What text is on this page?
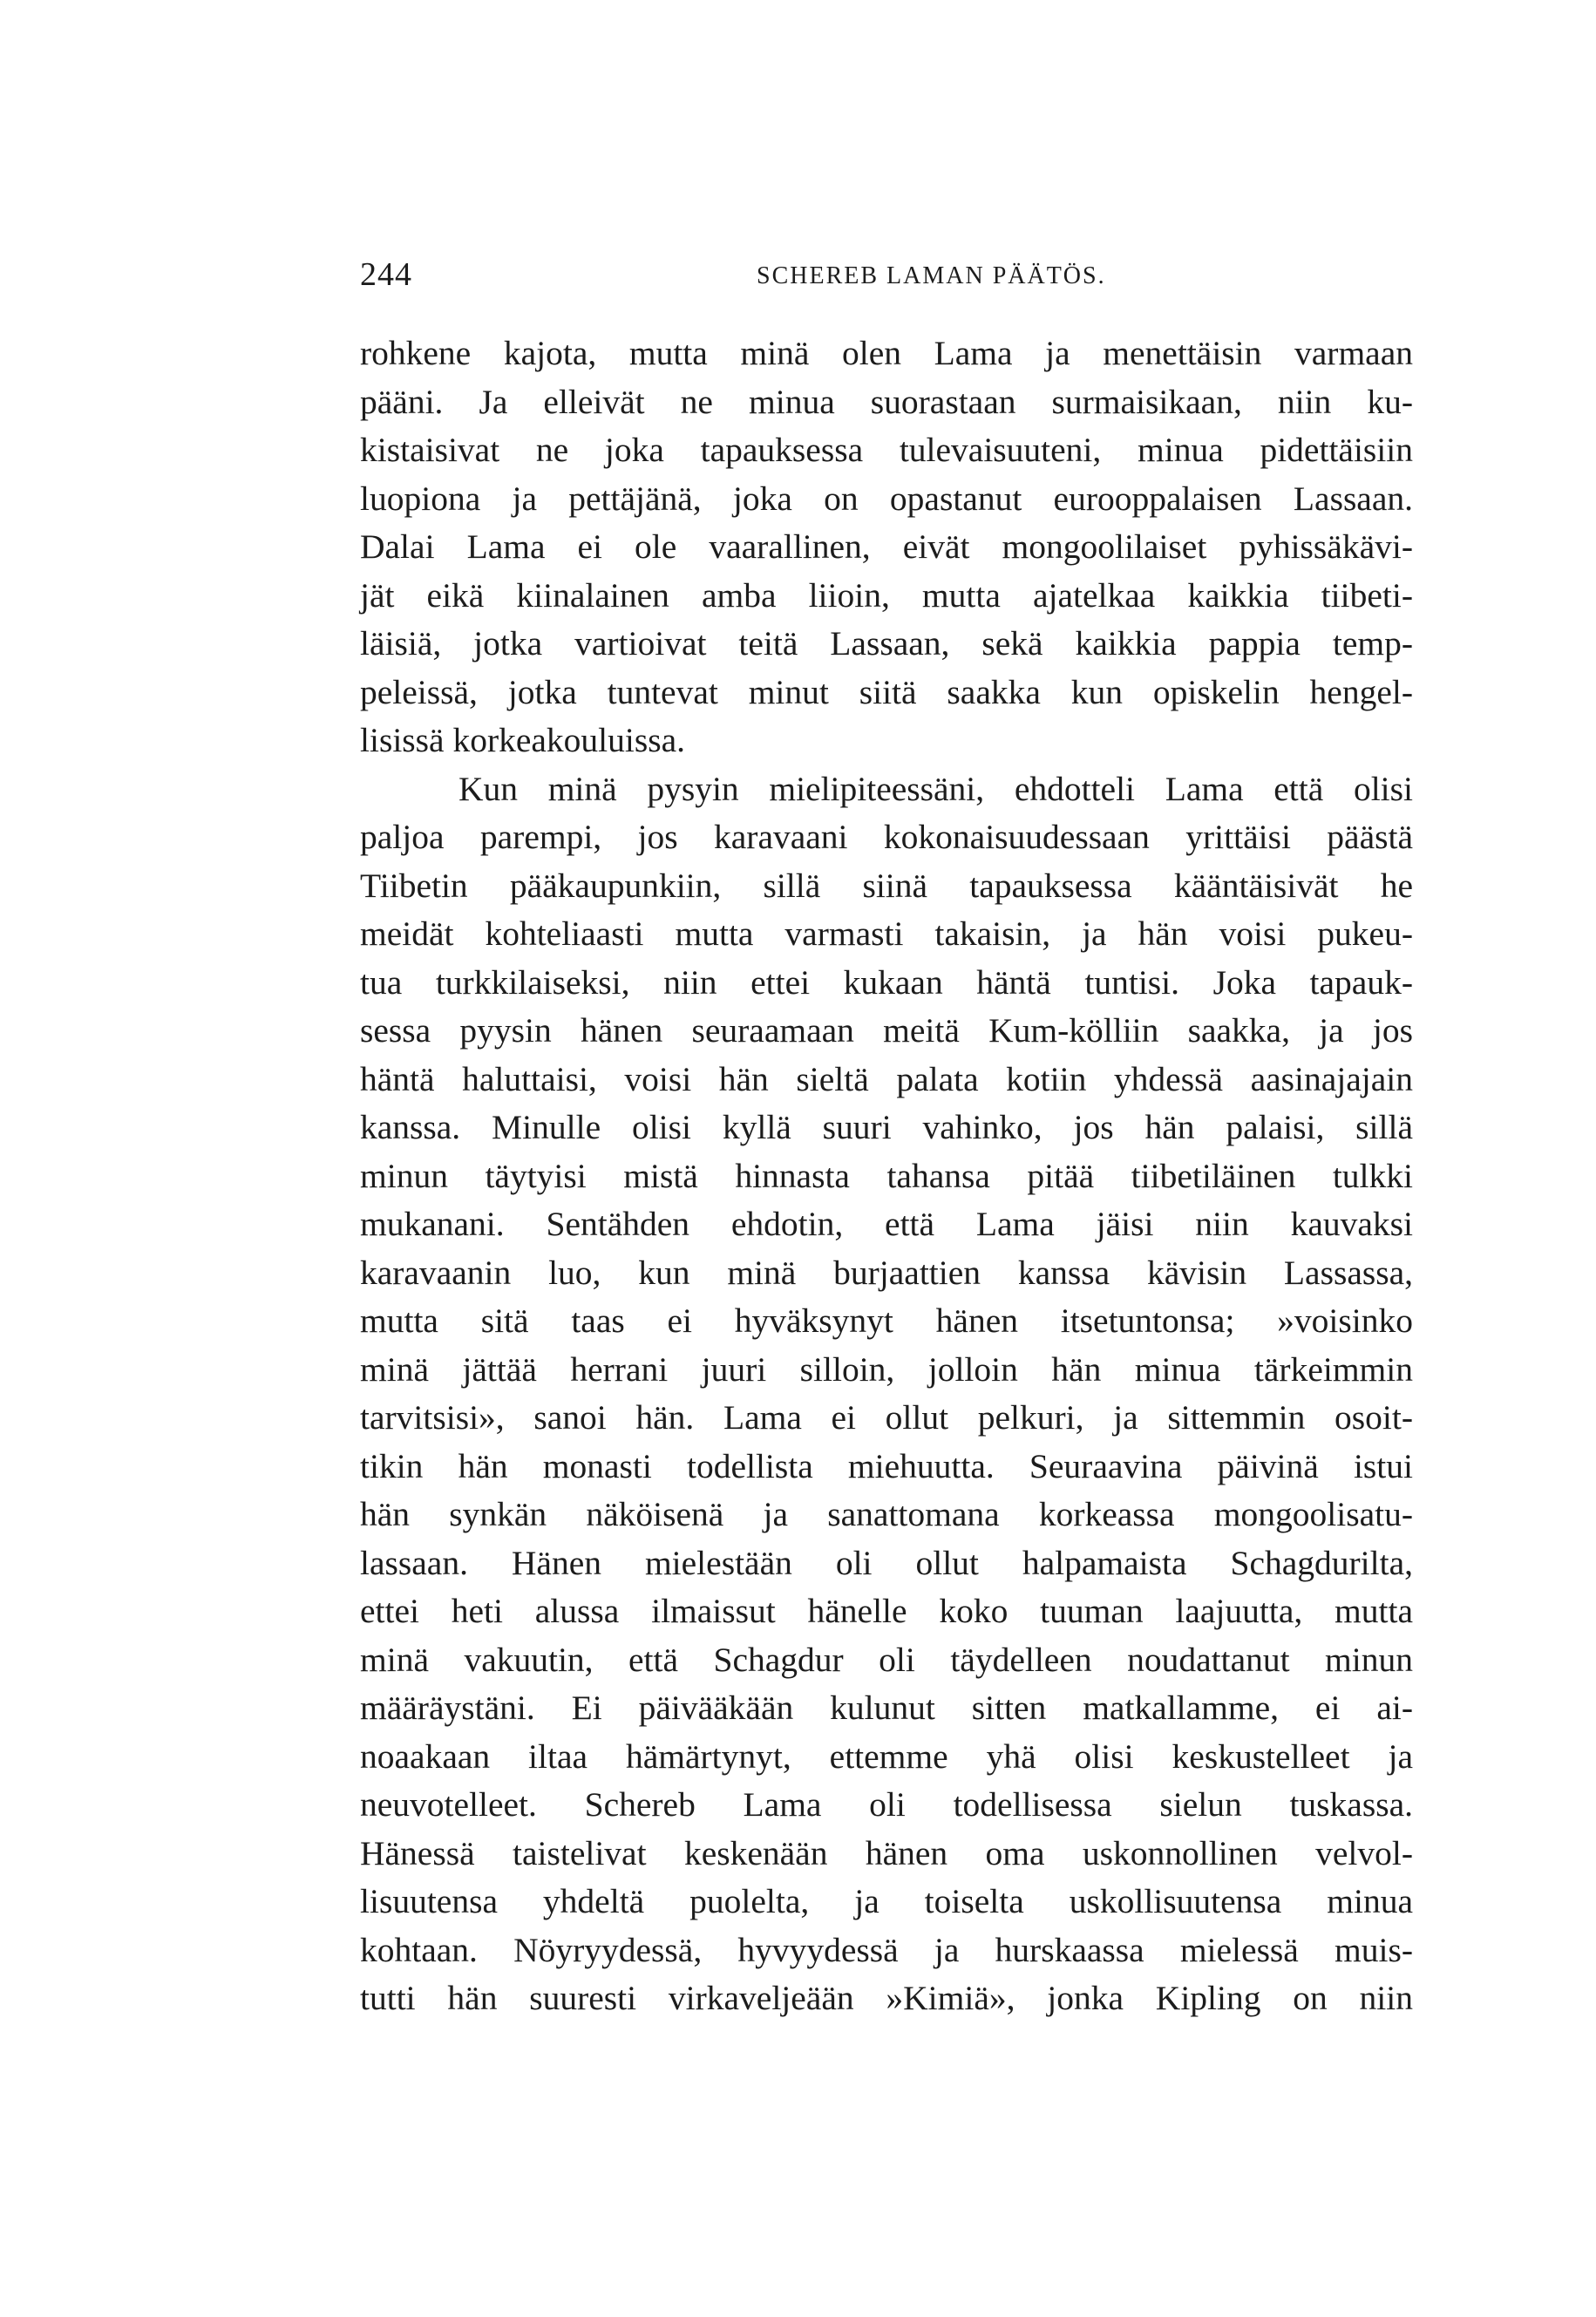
244	SCHEREB LAMAN PÄÄTÖS.
rohkene kajota, mutta minä olen Lama ja menettäisin varmaan
pääni. Ja elleivät ne minua suorastaan surmaisikaan, niin ku-
kistaisivat ne joka tapauksessa tulevaisuuteni, minua pidettäisiin
luopiona ja pettäjänä, joka on opastanut eurooppalaisen Lassaan.
Dalai Lama ei ole vaarallinen, eivät mongoolilaiset pyhissäkävi-
jät eikä kiinalainen amba liioin, mutta ajatelkaa kaikkia tiibeti-
läisiä, jotka vartioivat teitä Lassaan, sekä kaikkia pappia temp-
peleissä, jotka tuntevat minut siitä saakka kun opiskelin hengel-
lisissä korkeakouluissa.
Kun minä pysyin mielipiteessäni, ehdotteli Lama että olisi
paljoa parempi, jos karavaani kokonaisuudessaan yrittäisi päästä
Tiibetin pääkaupunkiin, sillä siinä tapauksessa kääntäisivät he
meidät kohteliaasti mutta varmasti takaisin, ja hän voisi pukeu-
tua turkkilaiseksi, niin ettei kukaan häntä tuntisi. Joka tapauk-
sessa pyysin hänen seuraamaan meitä Kum-kölliin saakka, ja jos
häntä haluttaisi, voisi hän sieltä palata kotiin yhdessä aasinajajain
kanssa. Minulle olisi kyllä suuri vahinko, jos hän palaisi, sillä
minun täytyisi mistä hinnasta tahansa pitää tiibetiläinen tulkki
mukanani. Sentähden ehdotin, että Lama jäisi niin kauvaksi
karavaanin luo, kun minä burjaattien kanssa kävisin Lassassa,
mutta sitä taas ei hyväksynyt hänen itsetuntonsa; »voisinko
minä jättää herrani juuri silloin, jolloin hän minua tärkeimmin
tarvitsisi», sanoi hän. Lama ei ollut pelkuri, ja sittemmin osoit-
tikin hän monasti todellista miehuutta. Seuraavina päivinä istui
hän synkän näköisenä ja sanattomana korkeassa mongoolisatu-
lassaan. Hänen mielestään oli ollut halpamaista Schagdurilta,
ettei heti alussa ilmaissut hänelle koko tuuman laajuutta, mutta
minä vakuutin, että Schagdur oli täydelleen noudattanut minun
määräystäni. Ei päivääkään kulunut sitten matkallamme, ei ai-
noaakaan iltaa hämärtynyt, ettemme yhä olisi keskustelleet ja
neuvotelleet. Schereb Lama oli todellisessa sielun tuskassa.
Hänessä taistelivat keskenään hänen oma uskonnollinen velvol-
lisuutensa yhdeltä puolelta, ja toiselta uskollisuutensa minua
kohtaan. Nöyryydessä, hyvyydessä ja hurskaassa mielessä muis-
tutti hän suuresti virkaveljeään »Kimiä», jonka Kipling on niin
